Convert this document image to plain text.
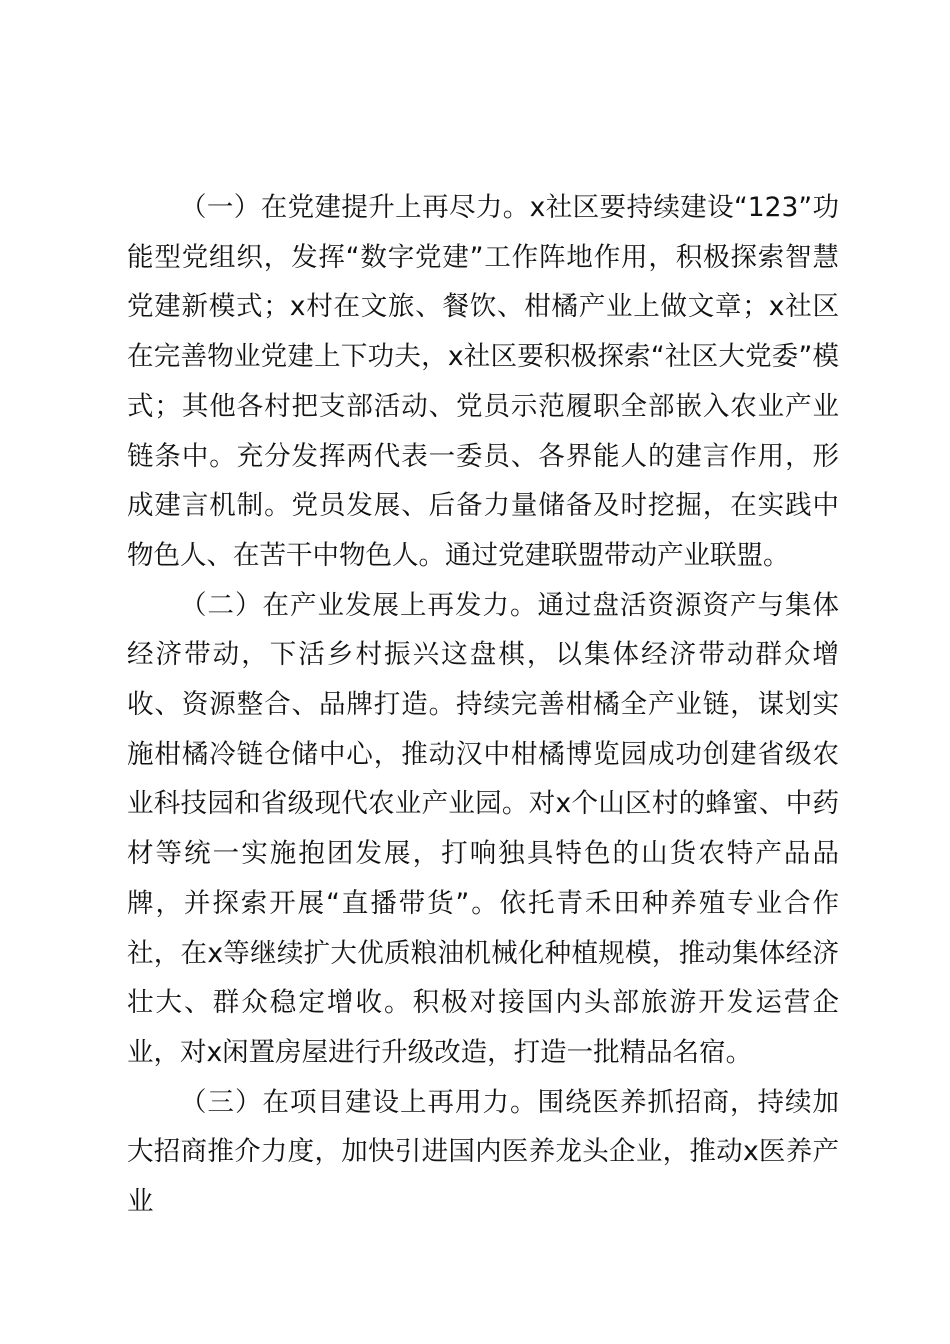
（一）在党建提升上再尽力。x社区要持续建设“123”功能型党组织，发挥“数字党建”工作阵地作用，积极探索智慧党建新模式；x村在文旅、餐饮、柑橘产业上做文章；x社区在完善物业党建上下功夫，x社区要积极探索“社区大党委”模式；其他各村把支部活动、党员示范履职全部嵌入农业产业链条中。充分发挥两代表一委员、各界能人的建言作用，形成建言机制。党员发展、后备力量储备及时挖掘，在实践中物色人、在苦干中物色人。通过党建联盟带动产业联盟。

（二）在产业发展上再发力。通过盘活资源资产与集体经济带动，下活乡村振兴这盘棋，以集体经济带动群众增收、资源整合、品牌打造。持续完善柑橘全产业链，谋划实施柑橘冷链仓储中心，推动汉中柑橘博览园成功创建省级农业科技园和省级现代农业产业园。对x个山区村的蜂蜜、中药材等统一实施抱团发展，打响独具特色的山货农特产品品牌，并探索开展“直播带货”。依托青禾田种养殖专业合作社，在x等继续扩大优质粮油机械化种植规模，推动集体经济壮大、群众稳定增收。积极对接国内头部旅游开发运营企业，对x闲置房屋进行升级改造，打造一批精品名宿。

（三）在项目建设上再用力。围绕医养抓招商，持续加大招商推介力度，加快引进国内医养龙头企业，推动x医养产业
